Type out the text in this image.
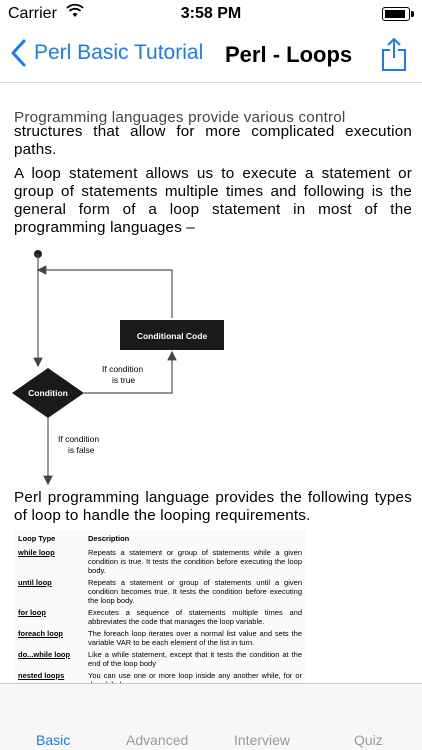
Carrier	3:58 PM
Perl Basic Tutorial Perl - Loops
Programming languages provide various control
structures that allow for more complicated execution paths.
A loop statement allows us to execute a statement or group of statements multiple times and following is the general form of a loop statement in most of the programming languages –
Conditional Code
Condition
If condition
is true
If condition
is false
Perl programming language provides the following types of loop to handle the looping requirements.
Loop Type	Description
while loop	Repeats a statement or group of statements while a given condition is true. It tests the condition before executing the loop body.
until loop	Repeats a statement or group of statements until a given condition becomes true. It tests the condition before executing the loop body.
for loop	Executes a sequence of statements multiple times and abbreviates the code that manages the loop variable.
foreach loop	The foreach loop iterates over a normal list value and sets the variable VAR to be each element of the list in turn.
do...while loop	Like a while statement, except that it tests the condition at the end of the loop body
nested loops	You can use one or more loop inside any another while, for or
Basic	Advanced	Interview	Quiz
